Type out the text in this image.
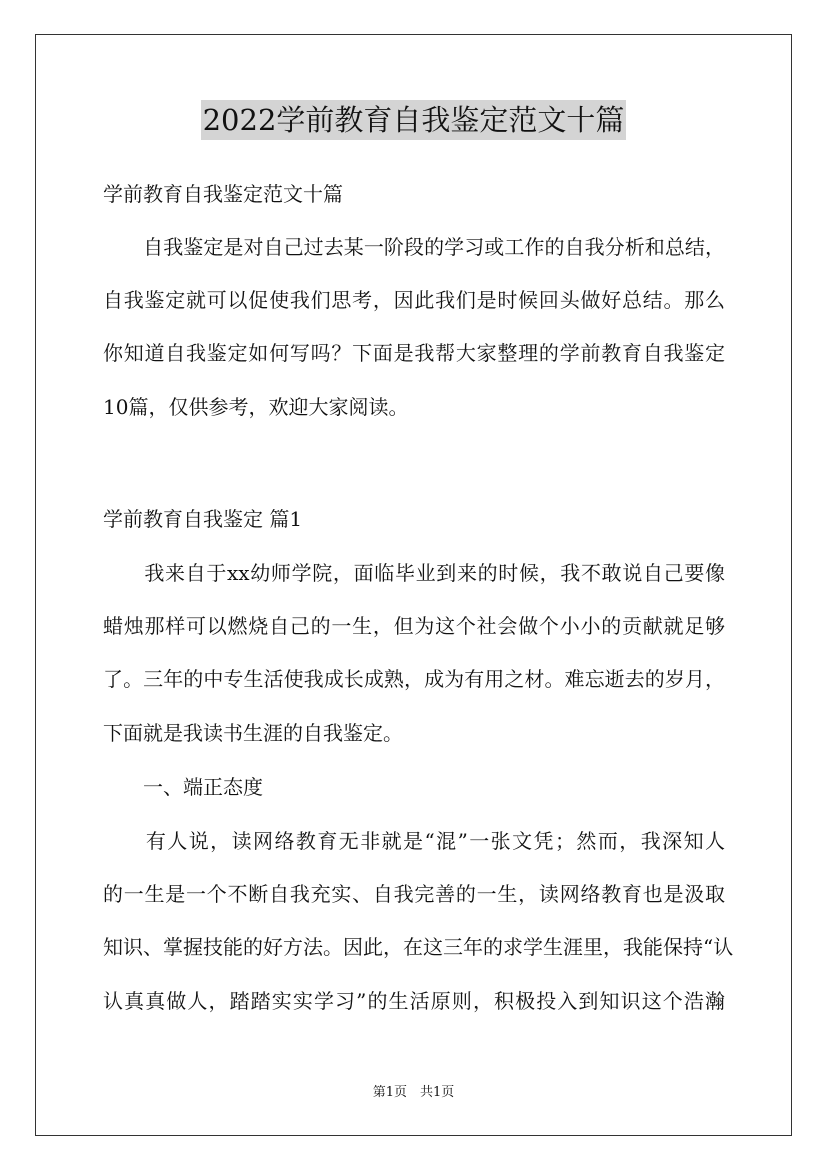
2022学前教育自我鉴定范文十篇
学前教育自我鉴定范文十篇
　　自我鉴定是对自己过去某一阶段的学习或工作的自我分析和总结，
自我鉴定就可以促使我们思考，因此我们是时候回头做好总结。那么
你知道自我鉴定如何写吗？下面是我帮大家整理的学前教育自我鉴定
10篇，仅供参考，欢迎大家阅读。
学前教育自我鉴定 篇1
　　我来自于xx幼师学院，面临毕业到来的时候，我不敢说自己要像
蜡烛那样可以燃烧自己的一生，但为这个社会做个小小的贡献就足够
了。三年的中专生活使我成长成熟，成为有用之材。难忘逝去的岁月，
下面就是我读书生涯的自我鉴定。
　　一、端正态度
　　有人说，读网络教育无非就是“混”一张文凭；然而，我深知人
的一生是一个不断自我充实、自我完善的一生，读网络教育也是汲取
知识、掌握技能的好方法。因此，在这三年的求学生涯里，我能保持“认
认真真做人，踏踏实实学习”的生活原则，积极投入到知识这个浩瀚
第1页　共1页
